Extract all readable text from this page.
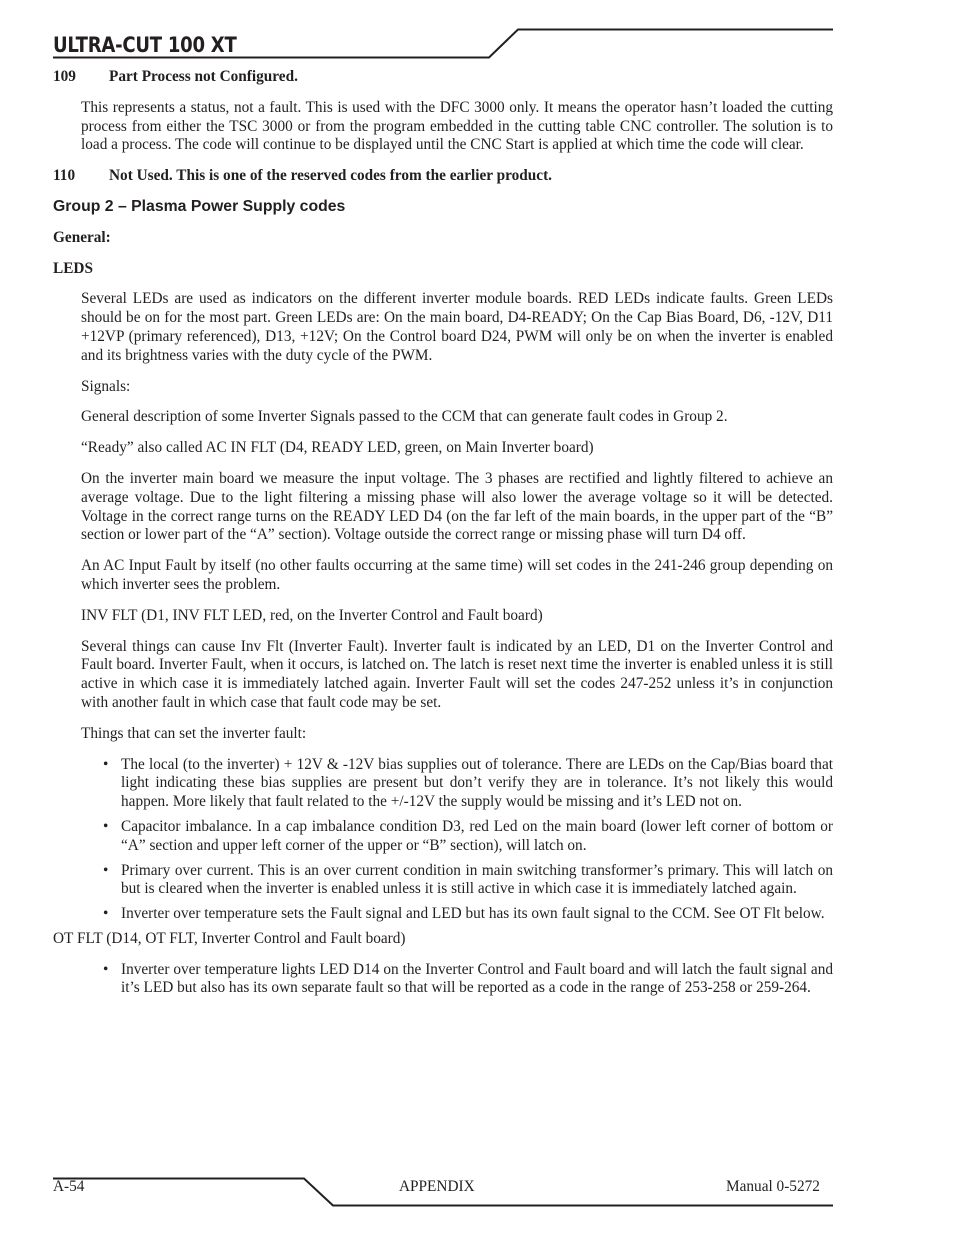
ULTRA-CUT 100 XT

109	Part Process not Configured.

This represents a status, not a fault. This is used with the DFC 3000 only. It means the operator hasn’t loaded the cutting process from either the TSC 3000 or from the program embedded in the cutting table CNC controller. The solution is to load a process. The code will continue to be displayed until the CNC Start is applied at which time the code will clear.

110	Not Used. This is one of the reserved codes from the earlier product.

Group 2 – Plasma Power Supply codes

General:

LEDS

Several LEDs are used as indicators on the different inverter module boards. RED LEDs indicate faults. Green LEDs should be on for the most part. Green LEDs are: On the main board, D4-READY; On the Cap Bias Board, D6, -12V, D11 +12VP (primary referenced), D13, +12V; On the Control board D24, PWM will only be on when the inverter is enabled and its brightness varies with the duty cycle of the PWM.

Signals:

General description of some Inverter Signals passed to the CCM that can generate fault codes in Group 2.

“Ready” also called AC IN FLT (D4, READY LED, green, on Main Inverter board)

On the inverter main board we measure the input voltage. The 3 phases are rectified and lightly filtered to achieve an average voltage. Due to the light filtering a missing phase will also lower the average voltage so it will be detected. Voltage in the correct range turns on the READY LED D4 (on the far left of the main boards, in the upper part of the “B” section or lower part of the “A” section). Voltage outside the correct range or missing phase will turn D4 off.

An AC Input Fault by itself (no other faults occurring at the same time) will set codes in the 241-246 group depending on which inverter sees the problem.

INV FLT (D1, INV FLT LED, red, on the Inverter Control and Fault board)

Several things can cause Inv Flt (Inverter Fault). Inverter fault is indicated by an LED, D1 on the Inverter Control and Fault board. Inverter Fault, when it occurs, is latched on. The latch is reset next time the inverter is enabled unless it is still active in which case it is immediately latched again. Inverter Fault will set the codes 247-252 unless it’s in conjunction with another fault in which case that fault code may be set.

Things that can set the inverter fault:

• The local (to the inverter) + 12V & -12V bias supplies out of tolerance. There are LEDs on the Cap/Bias board that light indicating these bias supplies are present but don’t verify they are in tolerance. It’s not likely this would happen. More likely that fault related to the +/-12V the supply would be missing and it’s LED not on.
• Capacitor imbalance. In a cap imbalance condition D3, red Led on the main board (lower left corner of bottom or “A” section and upper left corner of the upper or “B” section), will latch on.
• Primary over current. This is an over current condition in main switching transformer’s primary. This will latch on but is cleared when the inverter is enabled unless it is still active in which case it is immediately latched again.
• Inverter over temperature sets the Fault signal and LED but has its own fault signal to the CCM. See OT Flt below.

OT FLT (D14, OT FLT, Inverter Control and Fault board)

• Inverter over temperature lights LED D14 on the Inverter Control and Fault board and will latch the fault signal and it’s LED but also has its own separate fault so that will be reported as a code in the range of 253-258 or 259-264.
A-54	APPENDIX	Manual 0-5272
